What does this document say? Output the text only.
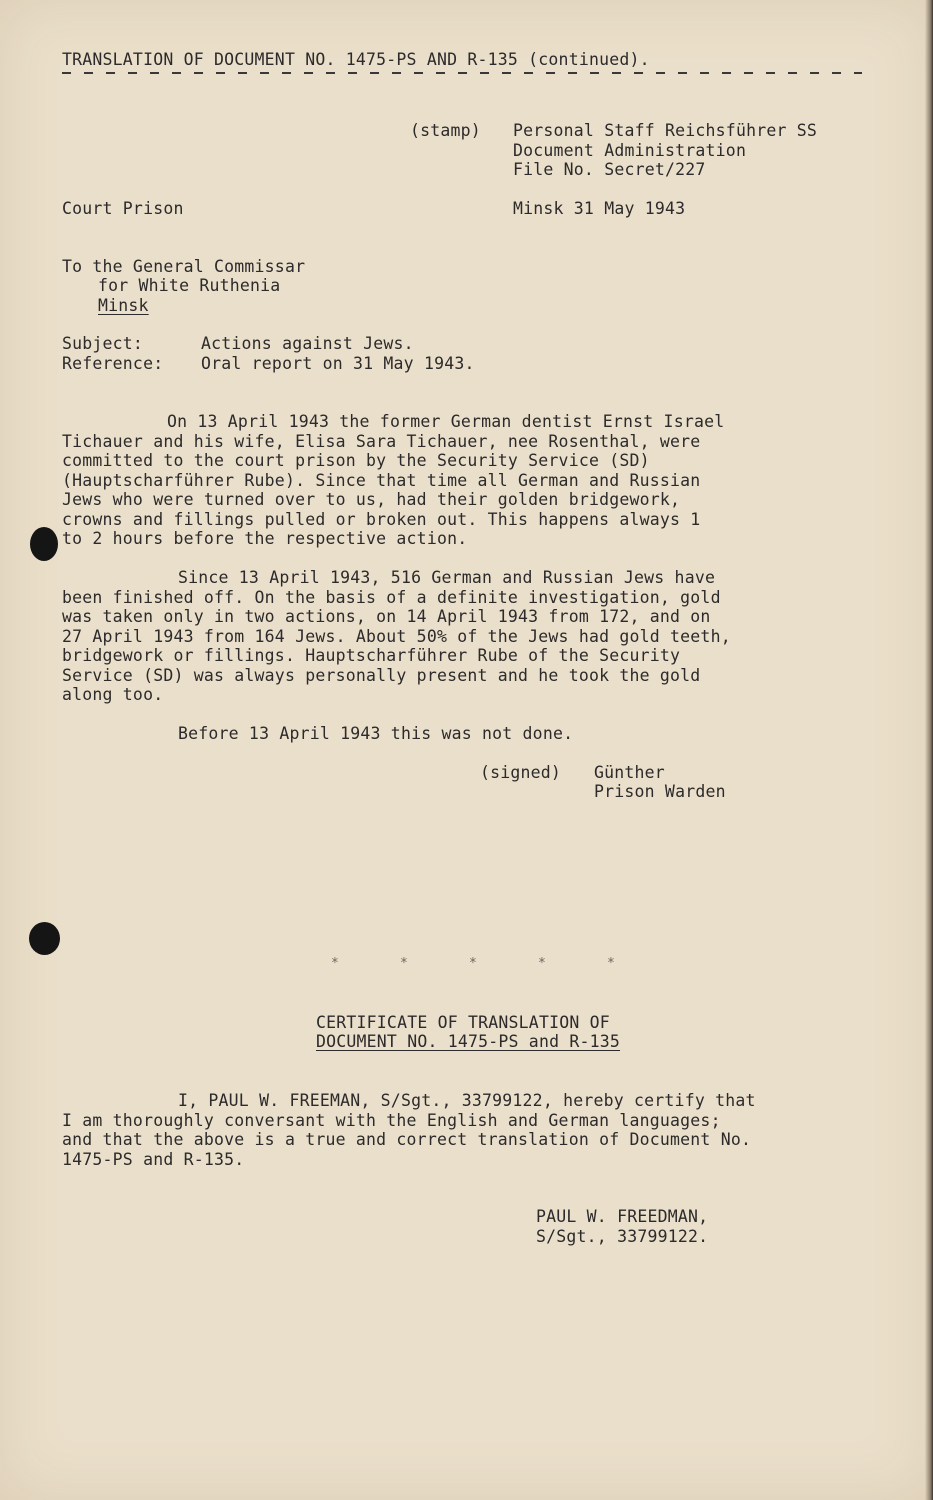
TRANSLATION OF DOCUMENT NO. 1475-PS AND R-135 (continued).
(stamp) Personal Staff Reichsführer SS
Document Administration
File No. Secret/227
Court Prison	Minsk 31 May 1943
To the General Commissar
for White Ruthenia
Minsk
Subject:	Actions against Jews.
Reference: Oral report on 31 May 1943.
On 13 April 1943 the former German dentist Ernst Israel
Tichauer and his wife, Elisa Sara Tichauer, nee Rosenthal, were
committed to the court prison by the Security Service (SD)
(Hauptscharführer Rube). Since that time all German and Russian
Jews who were turned over to us, had their golden bridgework,
crowns and fillings pulled or broken out. This happens always 1
to 2 hours before the respective action.
Since 13 April 1943, 516 German and Russian Jews have
been finished off. On the basis of a definite investigation, gold
was taken only in two actions, on 14 April 1943 from 172, and on
27 April 1943 from 164 Jews. About 50% of the Jews had gold teeth,
bridgework or fillings. Hauptscharführer Rube of the Security
Service (SD) was always personally present and he took the gold
along too.
Before 13 April 1943 this was not done.
(signed) Günther
Prison Warden
*	*	*	*	*
CERTIFICATE OF TRANSLATION OF
DOCUMENT NO. 1475-PS and R-135
I, PAUL W. FREEMAN, S/Sgt., 33799122, hereby certify that
I am thoroughly conversant with the English and German languages;
and that the above is a true and correct translation of Document No.
1475-PS and R-135.
PAUL W. FREEDMAN,
S/Sgt., 33799122.
